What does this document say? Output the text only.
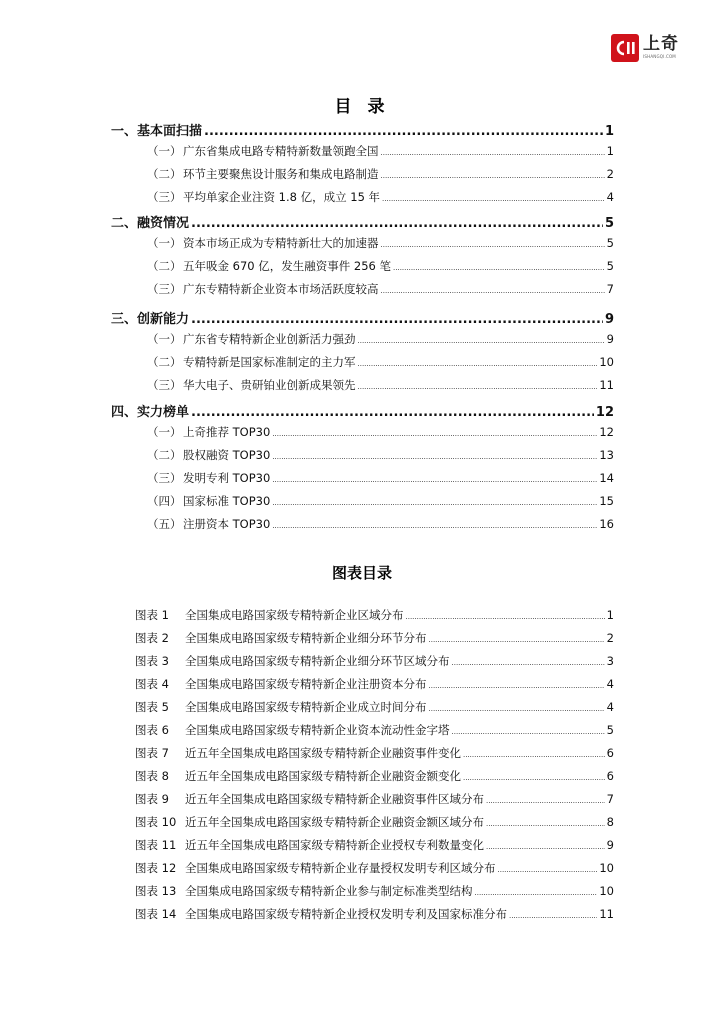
上奇
ISHANGQI.COM
目 录
一、基本面扫描 .....	1
（一） 广东省集成电路专精特新数量领跑全国 .....	1
（二） 环节主要聚焦设计服务和集成电路制造 .....	2
（三） 平均单家企业注资 1.8 亿，成立 15 年 .....	4
二、融资情况 .....	5
（一） 资本市场正成为专精特新壮大的加速器 .....	5
（二） 五年吸金 670 亿，发生融资事件 256 笔 .....	5
（三） 广东专精特新企业资本市场活跃度较高 .....	7
三、创新能力 .....	9
（一） 广东省专精特新企业创新活力强劲 .....	9
（二） 专精特新是国家标准制定的主力军 .....	10
（三） 华大电子、贵研铂业创新成果领先 .....	11
四、实力榜单 .....	12
（一） 上奇推荐 TOP30 .....	12
（二） 股权融资 TOP30 .....	13
（三） 发明专利 TOP30 .....	14
（四） 国家标准 TOP30 .....	15
（五） 注册资本 TOP30 .....	16
图表目录
图表 1	全国集成电路国家级专精特新企业区域分布 .....	1
图表 2	全国集成电路国家级专精特新企业细分环节分布 .....	2
图表 3	全国集成电路国家级专精特新企业细分环节区域分布 .....	3
图表 4	全国集成电路国家级专精特新企业注册资本分布 .....	4
图表 5	全国集成电路国家级专精特新企业成立时间分布 .....	4
图表 6	全国集成电路国家级专精特新企业资本流动性金字塔 .....	5
图表 7	近五年全国集成电路国家级专精特新企业融资事件变化 .....	6
图表 8	近五年全国集成电路国家级专精特新企业融资金额变化 .....	6
图表 9	近五年全国集成电路国家级专精特新企业融资事件区域分布 .....	7
图表 10 近五年全国集成电路国家级专精特新企业融资金额区域分布 .....	8
图表 11 近五年全国集成电路国家级专精特新企业授权专利数量变化 .....	9
图表 12 全国集成电路国家级专精特新企业存量授权发明专利区域分布 .....	10
图表 13 全国集成电路国家级专精特新企业参与制定标准类型结构 .....	10
图表 14 全国集成电路国家级专精特新企业授权发明专利及国家标准分布 .....	11
